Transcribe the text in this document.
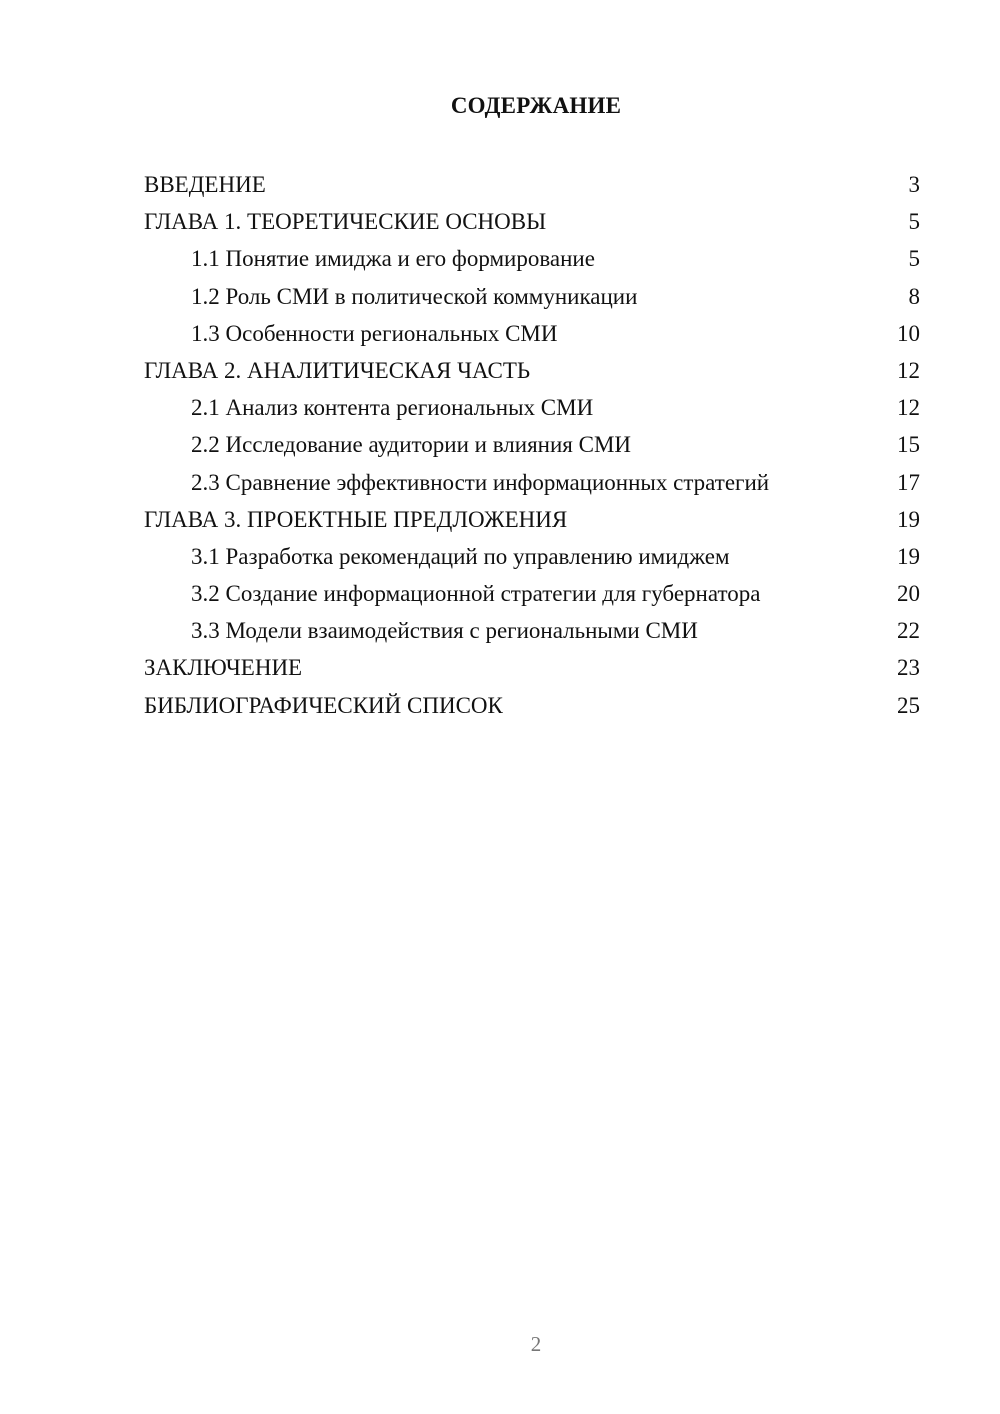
СОДЕРЖАНИЕ
ВВЕДЕНИЕ	3
ГЛАВА 1. ТЕОРЕТИЧЕСКИЕ ОСНОВЫ	5
1.1 Понятие имиджа и его формирование	5
1.2 Роль СМИ в политической коммуникации	8
1.3 Особенности региональных СМИ	10
ГЛАВА 2. АНАЛИТИЧЕСКАЯ ЧАСТЬ	12
2.1 Анализ контента региональных СМИ	12
2.2 Исследование аудитории и влияния СМИ	15
2.3 Сравнение эффективности информационных стратегий	17
ГЛАВА 3. ПРОЕКТНЫЕ ПРЕДЛОЖЕНИЯ	19
3.1 Разработка рекомендаций по управлению имиджем	19
3.2 Создание информационной стратегии для губернатора	20
3.3 Модели взаимодействия с региональными СМИ	22
ЗАКЛЮЧЕНИЕ	23
БИБЛИОГРАФИЧЕСКИЙ СПИСОК	25
2
